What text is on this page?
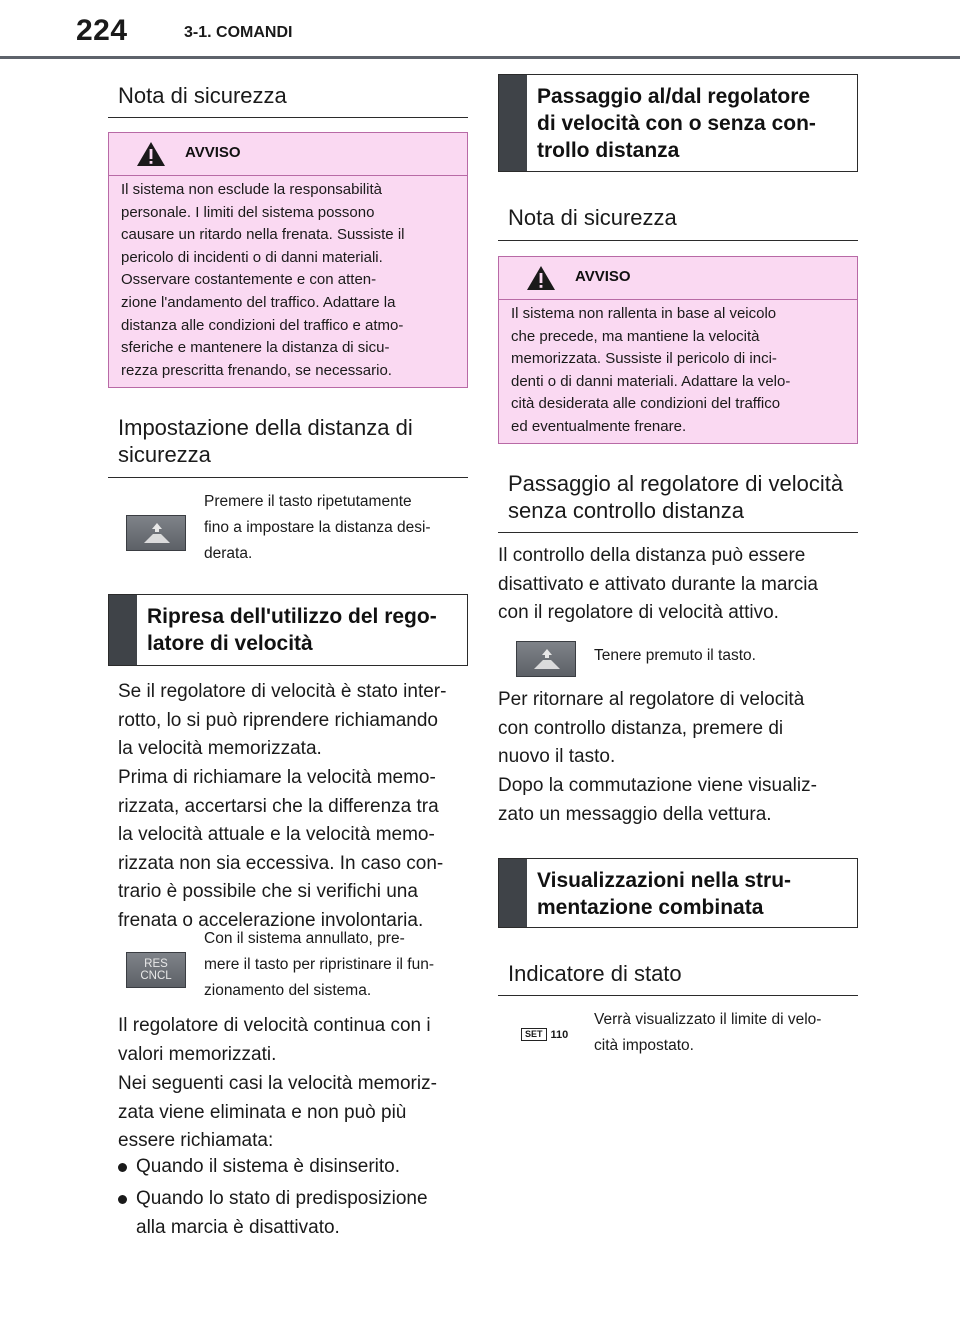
224	3-1. COMANDI
Nota di sicurezza
AVVISO
Il sistema non esclude la responsabilità
personale. I limiti del sistema possono
causare un ritardo nella frenata. Sussiste il
pericolo di incidenti o di danni materiali.
Osservare costantemente e con atten-
zione l'andamento del traffico. Adattare la
distanza alle condizioni del traffico e atmo-
sferiche e mantenere la distanza di sicu-
rezza prescritta frenando, se necessario.
Impostazione della distanza di
sicurezza
Premere il tasto ripetutamente
fino a impostare la distanza desi-
derata.
Ripresa dell'utilizzo del rego-
latore di velocità
Se il regolatore di velocità è stato inter-
rotto, lo si può riprendere richiamando
la velocità memorizzata.
Prima di richiamare la velocità memo-
rizzata, accertarsi che la differenza tra
la velocità attuale e la velocità memo-
rizzata non sia eccessiva. In caso con-
trario è possibile che si verifichi una
frenata o accelerazione involontaria.
RES
CNCL
Con il sistema annullato, pre-
mere il tasto per ripristinare il fun-
zionamento del sistema.
Il regolatore di velocità continua con i
valori memorizzati.
Nei seguenti casi la velocità memoriz-
zata viene eliminata e non può più
essere richiamata:
Quando il sistema è disinserito.
Quando lo stato di predisposizione
alla marcia è disattivato.
Passaggio al/dal regolatore
di velocità con o senza con-
trollo distanza
Nota di sicurezza
AVVISO
Il sistema non rallenta in base al veicolo
che precede, ma mantiene la velocità
memorizzata. Sussiste il pericolo di inci-
denti o di danni materiali. Adattare la velo-
cità desiderata alle condizioni del traffico
ed eventualmente frenare.
Passaggio al regolatore di velocità
senza controllo distanza
Il controllo della distanza può essere
disattivato e attivato durante la marcia
con il regolatore di velocità attivo.
Tenere premuto il tasto.
Per ritornare al regolatore di velocità
con controllo distanza, premere di
nuovo il tasto.
Dopo la commutazione viene visualiz-
zato un messaggio della vettura.
Visualizzazioni nella stru-
mentazione combinata
Indicatore di stato
SET 110
Verrà visualizzato il limite di velo-
cità impostato.
